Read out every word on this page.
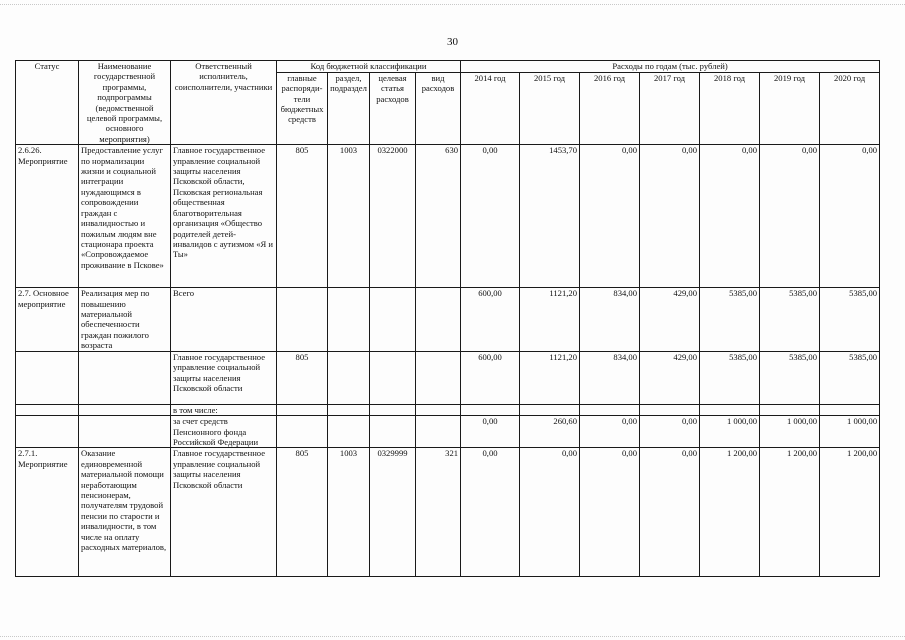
30
Статус	Наименование государственной программы, подпрограммы (ведомственной целевой программы, основного мероприятия)	Ответственный исполнитель, соисполнители, участники	Код бюджетной классификации				Расходы по годам (тыс. рублей)						
			главные распоряди-тели бюджетных средств	раздел, подраздел	целевая статья расходов	вид расходов	2014 год	2015 год	2016 год	2017 год	2018 год	2019 год	2020 год
2.6.26. Мероприятие	Предоставление услуг по нормализации жизни и социальной интеграции нуждающимся в сопровождении граждан с инвалидностью и пожилым людям вне стационара проекта «Сопровождаемое проживание в Пскове»	Главное государственное управление социальной защиты населения Псковской области, Псковская региональная общественная благотворительная организация «Общество родителей детей-инвалидов с аутизмом «Я и Ты»	805	1003	0322000	630	0,00	1453,70	0,00	0,00	0,00	0,00	0,00
2.7. Основное мероприятие	Реализация мер по повышению материальной обеспеченности граждан пожилого возраста	Всего					600,00	1121,20	834,00	429,00	5385,00	5385,00	5385,00
		Главное государственное управление социальной защиты населения Псковской области	805				600,00	1121,20	834,00	429,00	5385,00	5385,00	5385,00
		в том числе:											
		за счет средств Пенсионного фонда Российской Федерации					0,00	260,60	0,00	0,00	1 000,00	1 000,00	1 000,00
2.7.1. Мероприятие	Оказание единовременной материальной помощи неработающим пенсионерам, получателям трудовой пенсии по старости и инвалидности, в том числе на оплату расходных материалов,	Главное государственное управление социальной защиты населения Псковской области	805	1003	0329999	321	0,00	0,00	0,00	0,00	1 200,00	1 200,00	1 200,00
